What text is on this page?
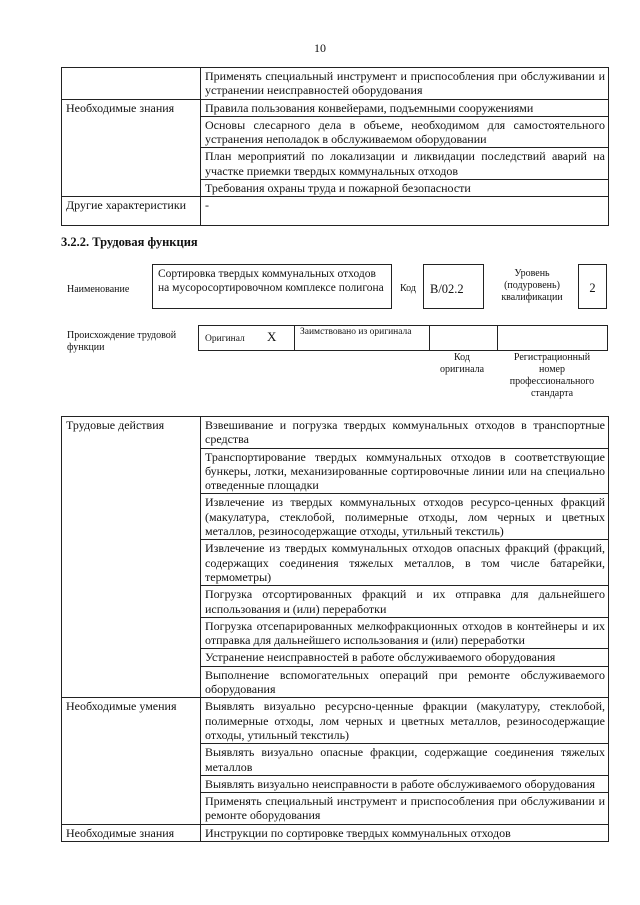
10
	Применять специальный инструмент и приспособления при обслуживании и устранении неисправностей оборудования
Необходимые знания	Правила пользования конвейерами, подъемными сооружениями
	Основы слесарного дела в объеме, необходимом для самостоятельного устранения неполадок в обслуживаемом оборудовании
	План мероприятий по локализации и ликвидации последствий аварий на участке приемки твердых коммунальных отходов
	Требования охраны труда и пожарной безопасности
Другие характеристики	-
3.2.2. Трудовая функция
Наименование
Сортировка твердых коммунальных отходов на мусоросортировочном комплексе полигона	Код	В/02.2
Уровень (подуровень) квалификации
2
Происхождение трудовой функции
Оригинал X	Заимствовано из оригинала
Код оригинала
Регистрационный номер профессионального стандарта
Трудовые действия	Взвешивание и погрузка твердых коммунальных отходов в транспортные средства
	Транспортирование твердых коммунальных отходов в соответствующие бункеры, лотки, механизированные сортировочные линии или на специально отведенные площадки
	Извлечение из твердых коммунальных отходов ресурсо-ценных фракций (макулатура, стеклобой, полимерные отходы, лом черных и цветных металлов, резиносодержащие отходы, утильный текстиль)
	Извлечение из твердых коммунальных отходов опасных фракций (фракций, содержащих соединения тяжелых металлов, в том числе батарейки, термометры)
	Погрузка отсортированных фракций и их отправка для дальнейшего использования и (или) переработки
	Погрузка отсепарированных мелкофракционных отходов в контейнеры и их отправка для дальнейшего использования и (или) переработки
	Устранение неисправностей в работе обслуживаемого оборудования
	Выполнение вспомогательных операций при ремонте обслуживаемого оборудования
Необходимые умения	Выявлять визуально ресурсно-ценные фракции (макулатуру, стеклобой, полимерные отходы, лом черных и цветных металлов, резиносодержащие отходы, утильный текстиль)
	Выявлять визуально опасные фракции, содержащие соединения тяжелых металлов
	Выявлять визуально неисправности в работе обслуживаемого оборудования
	Применять специальный инструмент и приспособления при обслуживании и ремонте оборудования
Необходимые знания	Инструкции по сортировке твердых коммунальных отходов
